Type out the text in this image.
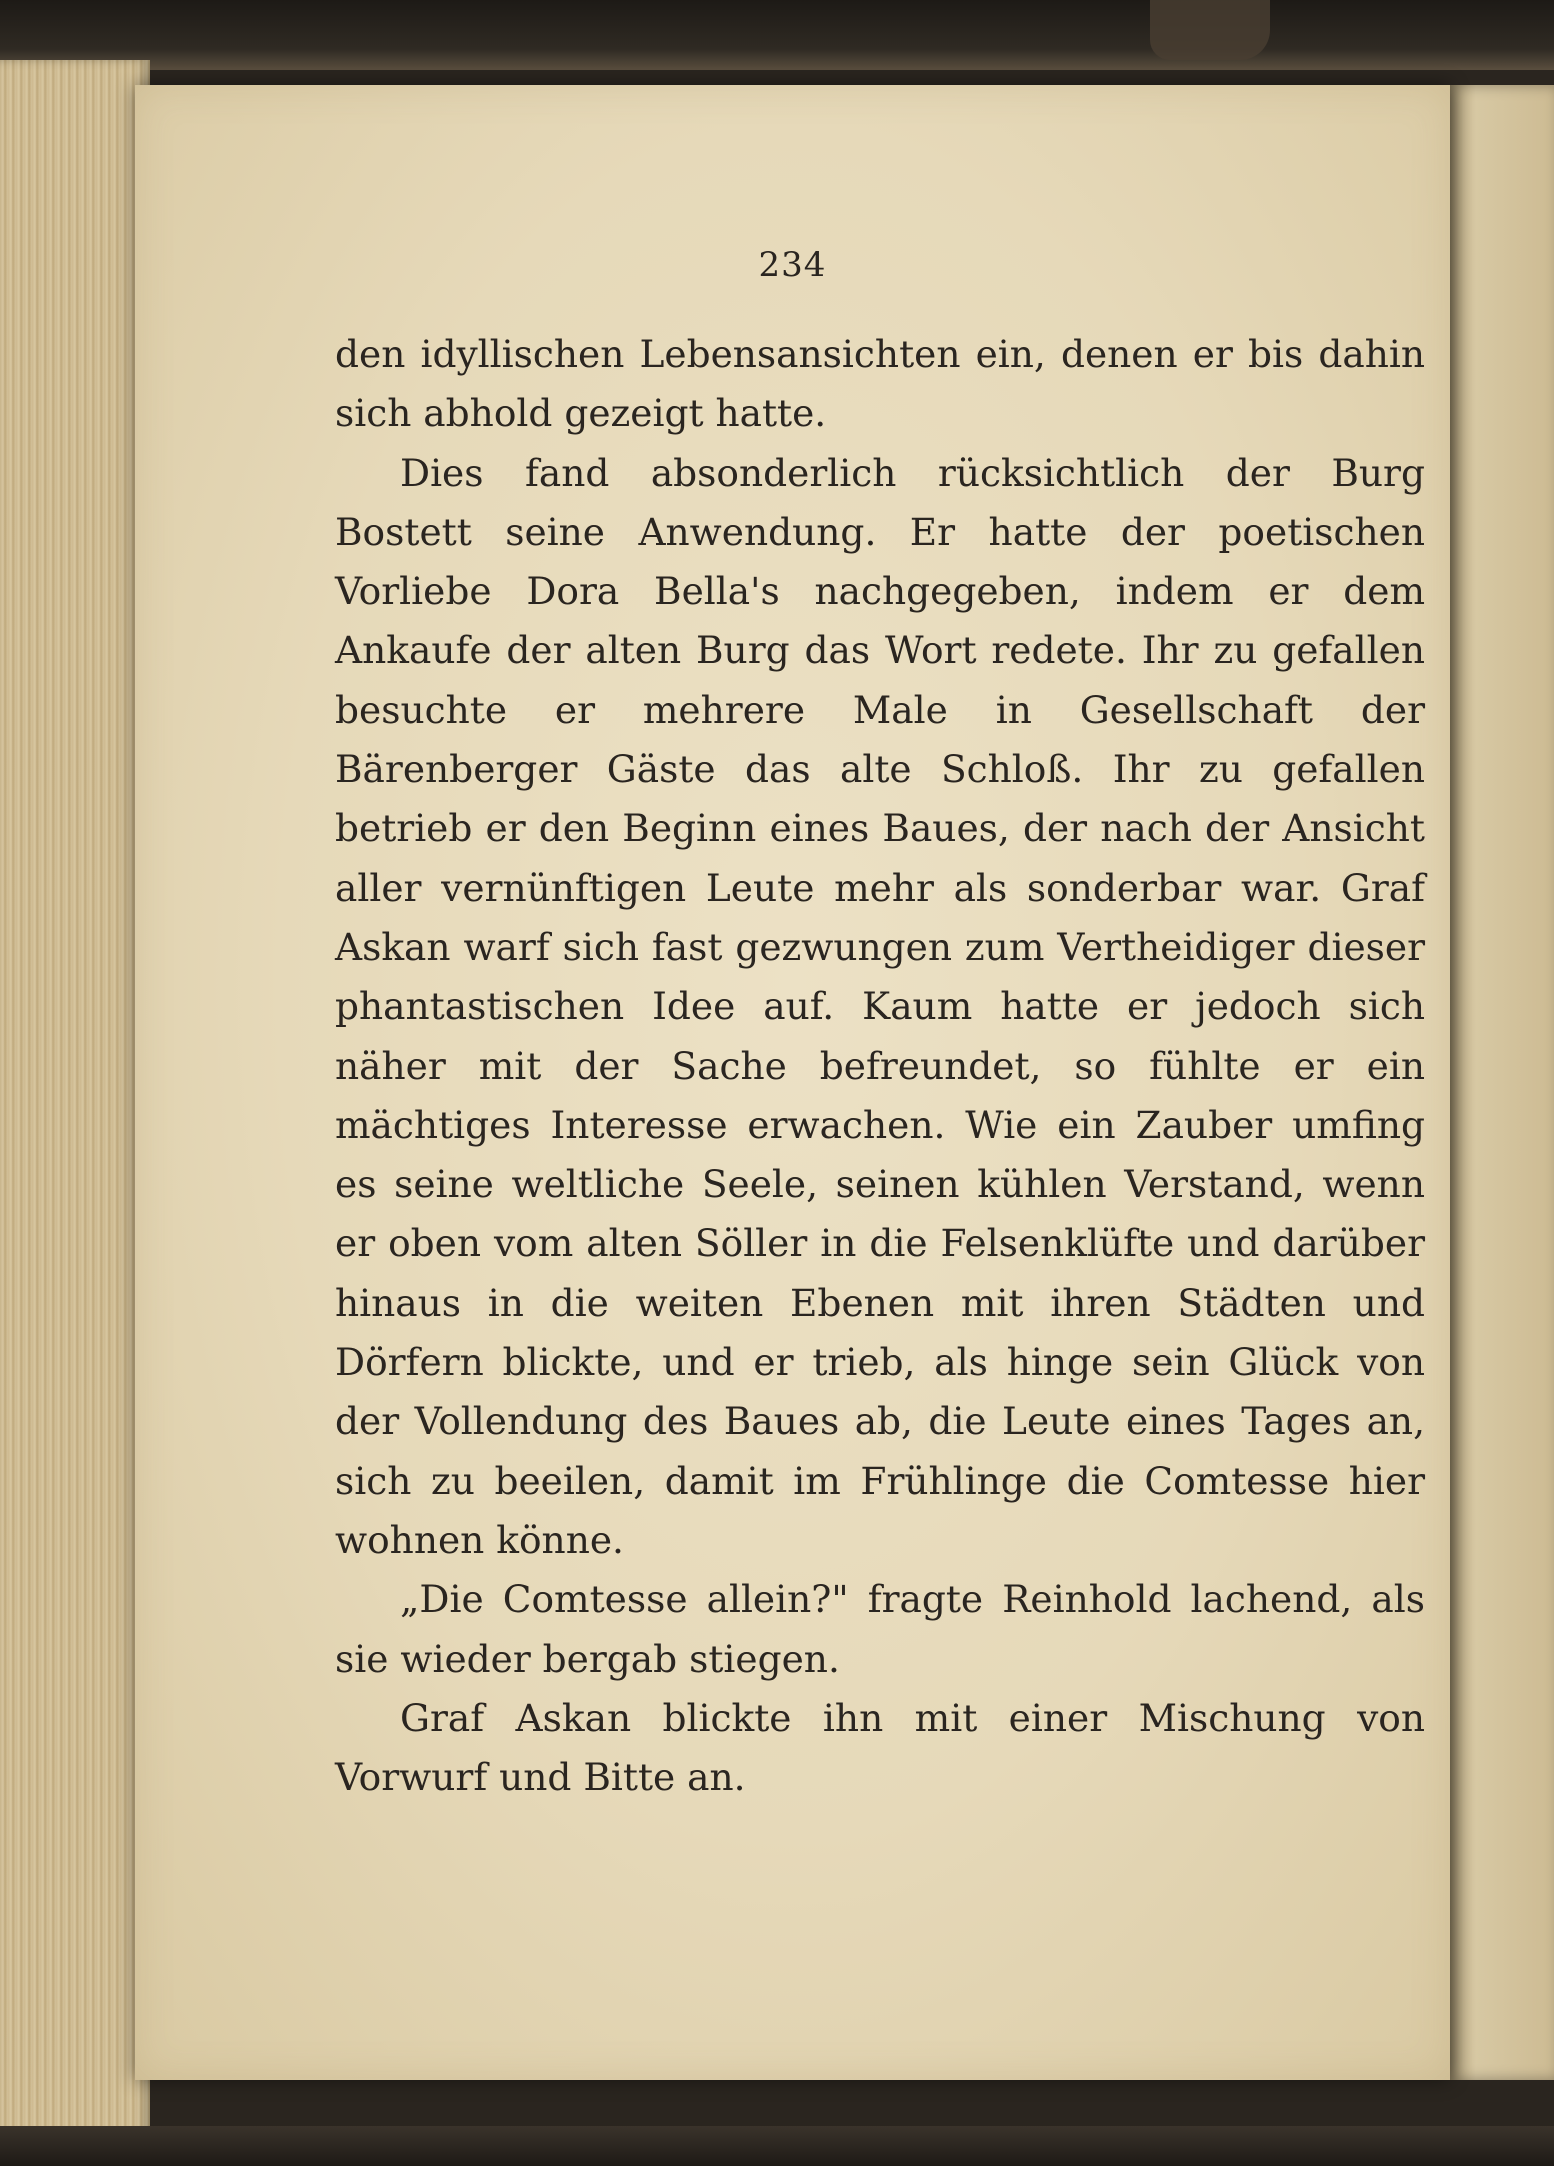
234

den idyllischen Lebensansichten ein, denen er bis dahin sich abhold gezeigt hatte.

Dies fand absonderlich rücksichtlich der Burg Bostett seine Anwendung. Er hatte der poetischen Vorliebe Dora Bella's nachgegeben, indem er dem Ankaufe der alten Burg das Wort redete. Ihr zu gefallen besuchte er mehrere Male in Gesellschaft der Bärenberger Gäste das alte Schloß. Ihr zu gefallen betrieb er den Beginn eines Baues, der nach der Ansicht aller vernünftigen Leute mehr als sonderbar war. Graf Askan warf sich fast gezwungen zum Vertheidiger dieser phantastischen Idee auf. Kaum hatte er jedoch sich näher mit der Sache befreundet, so fühlte er ein mächtiges Interesse erwachen. Wie ein Zauber umfing es seine weltliche Seele, seinen kühlen Verstand, wenn er oben vom alten Söller in die Felsenklüfte und darüber hinaus in die weiten Ebenen mit ihren Städten und Dörfern blickte, und er trieb, als hinge sein Glück von der Vollendung des Baues ab, die Leute eines Tages an, sich zu beeilen, damit im Frühlinge die Comtesse hier wohnen könne.

„Die Comtesse allein?" fragte Reinhold lachend, als sie wieder bergab stiegen.

Graf Askan blickte ihn mit einer Mischung von Vorwurf und Bitte an.
